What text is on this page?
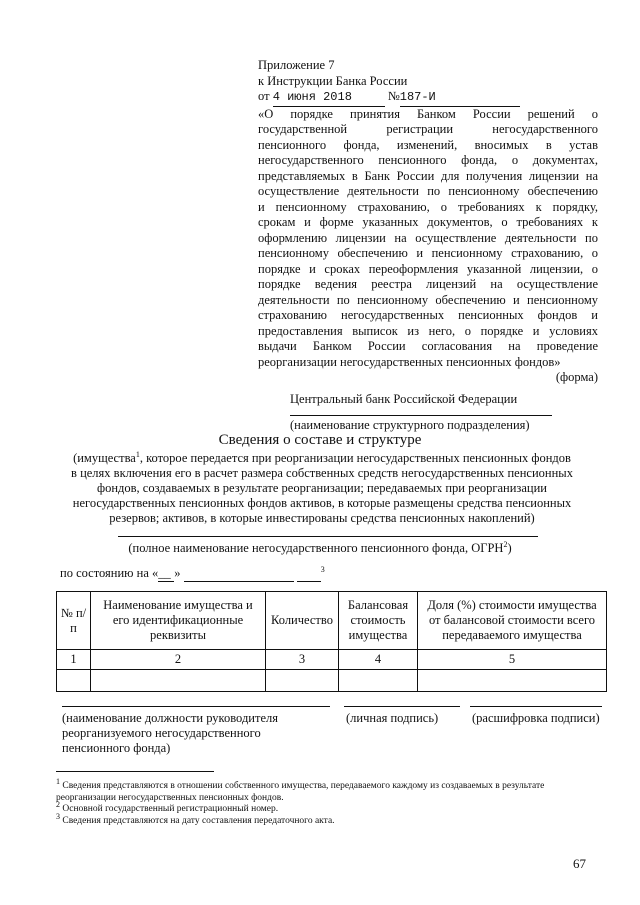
Приложение 7
к Инструкции Банка России
от 4 июня 2018	№187-И
«О порядке принятия Банком России решений о
государственной регистрации негосударственного
пенсионного фонда, изменений, вносимых в устав
негосударственного пенсионного фонда, о документах,
представляемых в Банк России для получения лицензии на
осуществление деятельности по пенсионному обеспечению
и пенсионному страхованию, о требованиях к порядку,
срокам и форме указанных документов, о требованиях к
оформлению лицензии на осуществление деятельности по
пенсионному обеспечению и пенсионному страхованию, о
порядке и сроках переоформления указанной лицензии, о
порядке ведения реестра лицензий на осуществление
деятельности по пенсионному обеспечению и пенсионному
страхованию негосударственных пенсионных фондов и
предоставления выписок из него, о порядке и условиях
выдачи Банком России согласования на проведение
реорганизации негосударственных пенсионных фондов»
(форма)
Центральный банк Российской Федерации
(наименование структурного подразделения)
Сведения о составе и структуре
(имущества$^1$, которое передается при реорганизации негосударственных пенсионных фондов
в целях включения его в расчет размера собственных средств негосударственных пенсионных
фондов, создаваемых в результате реорганизации; передаваемых при реорганизации
негосударственных пенсионных фондов активов, в которые размещены средства пенсионных
резервов; активов, в которые инвестированы средства пенсионных накоплений)
(полное наименование негосударственного пенсионного фонда, ОГРН$^2$)
по состоянию на «__ »	$^3$
№ п/п	Наименование имущества и его идентификационные реквизиты	Количество	Балансовая стоимость имущества	Доля (%) стоимости имущества от балансовой стоимости всего передаваемого имущества
1	2	3	4	5

(наименование должности руководителя реорганизуемого негосударственного пенсионного фонда)
(личная подпись)	(расшифровка подписи)
$^1$ Сведения представляются в отношении собственного имущества, передаваемого каждому из создаваемых в результате реорганизации негосударственных пенсионных фондов.
$^2$ Основной государственный регистрационный номер.
$^3$ Сведения представляются на дату составления передаточного акта.
67
